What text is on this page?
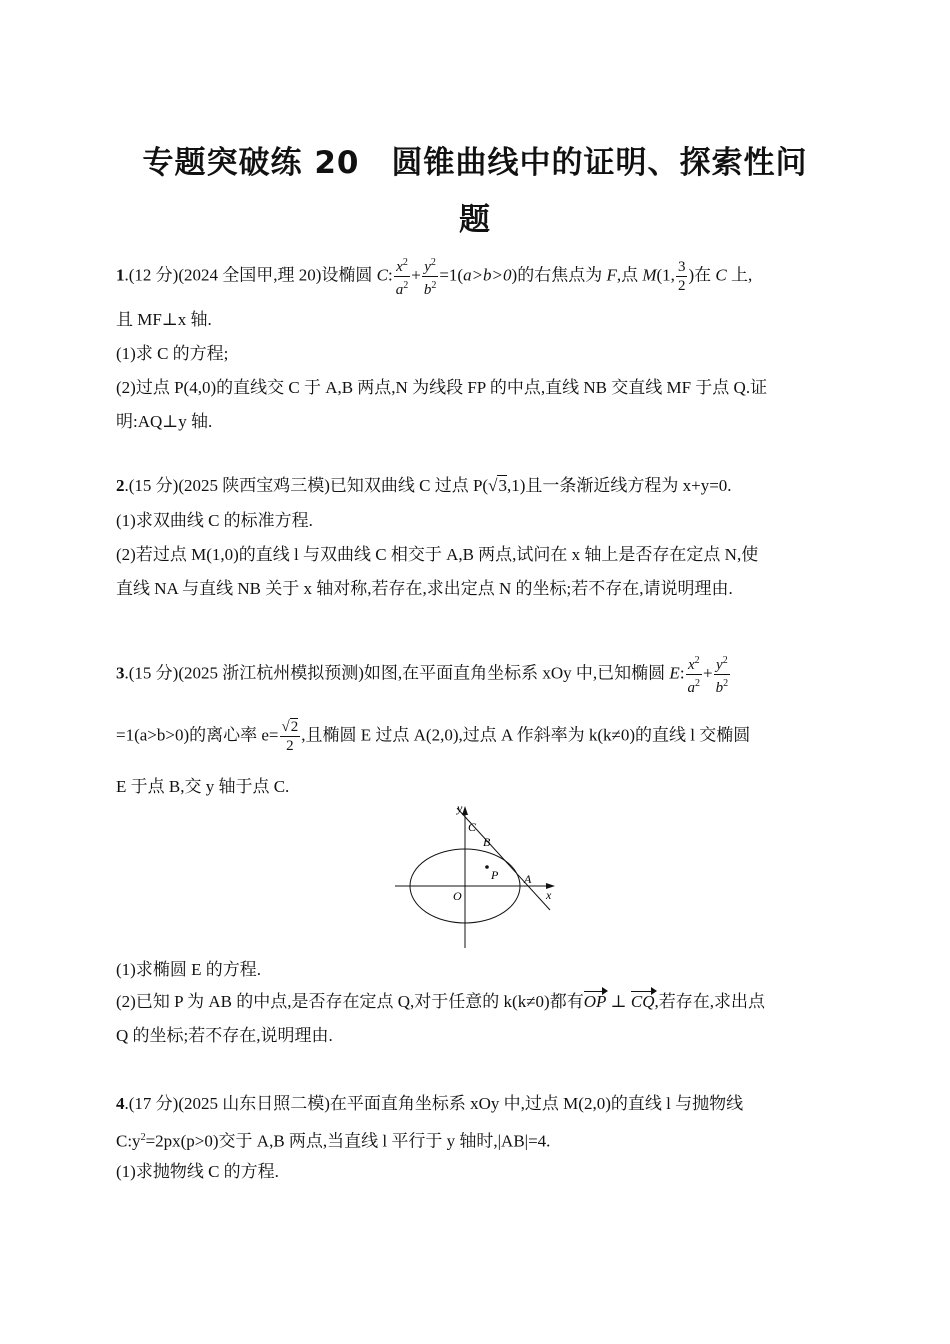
专题突破练 20　圆锥曲线中的证明、探索性问
题
1.(12 分)(2024 全国甲,理 20)设椭圆 C: $\frac{x^2}{a^2} + \frac{y^2}{b^2} =1(a>b>0)$的右焦点为 F,点 M(1, $\frac{3}{2}$ )在 C 上,
且 MF⊥x 轴.
(1)求 C 的方程;
(2)过点 P(4,0)的直线交 C 于 A,B 两点,N 为线段 FP 的中点,直线 NB 交直线 MF 于点 Q.证
明:AQ⊥y 轴.
2.(15 分)(2025 陕西宝鸡三模)已知双曲线 C 过点 P(√3,1)且一条渐近线方程为 x+y=0.
(1)求双曲线 C 的标准方程.
(2)若过点 M(1,0)的直线 l 与双曲线 C 相交于 A,B 两点,试问在 x 轴上是否存在定点 N,使
直线 NA 与直线 NB 关于 x 轴对称,若存在,求出定点 N 的坐标;若不存在,请说明理由.
3.(15 分)(2025 浙江杭州模拟预测)如图,在平面直角坐标系 xOy 中,已知椭圆 E: $\frac{x^2}{a^2} + \frac{y^2}{b^2}$
=1(a>b>0)的离心率 $e= \frac{√2}{2}$ ,且椭圆 E 过点 A(2,0),过点 A 作斜率为 k(k≠0)的直线 l 交椭圆
E 于点 B,交 y 轴于点 C.
y
C
B
P A
O	x
(1)求椭圆 E 的方程.
(2)已知 P 为 AB 的中点,是否存在定点 Q,对于任意的 k(k≠0)都有OP ⊥ CQ,若存在,求出点
Q 的坐标;若不存在,说明理由.
4.(17 分)(2025 山东日照二模)在平面直角坐标系 xOy 中,过点 M(2,0)的直线 l 与抛物线
$C:y^2=2px(p>0)$交于 A,B 两点,当直线 l 平行于 y 轴时,|AB|=4.
(1)求抛物线 C 的方程.
